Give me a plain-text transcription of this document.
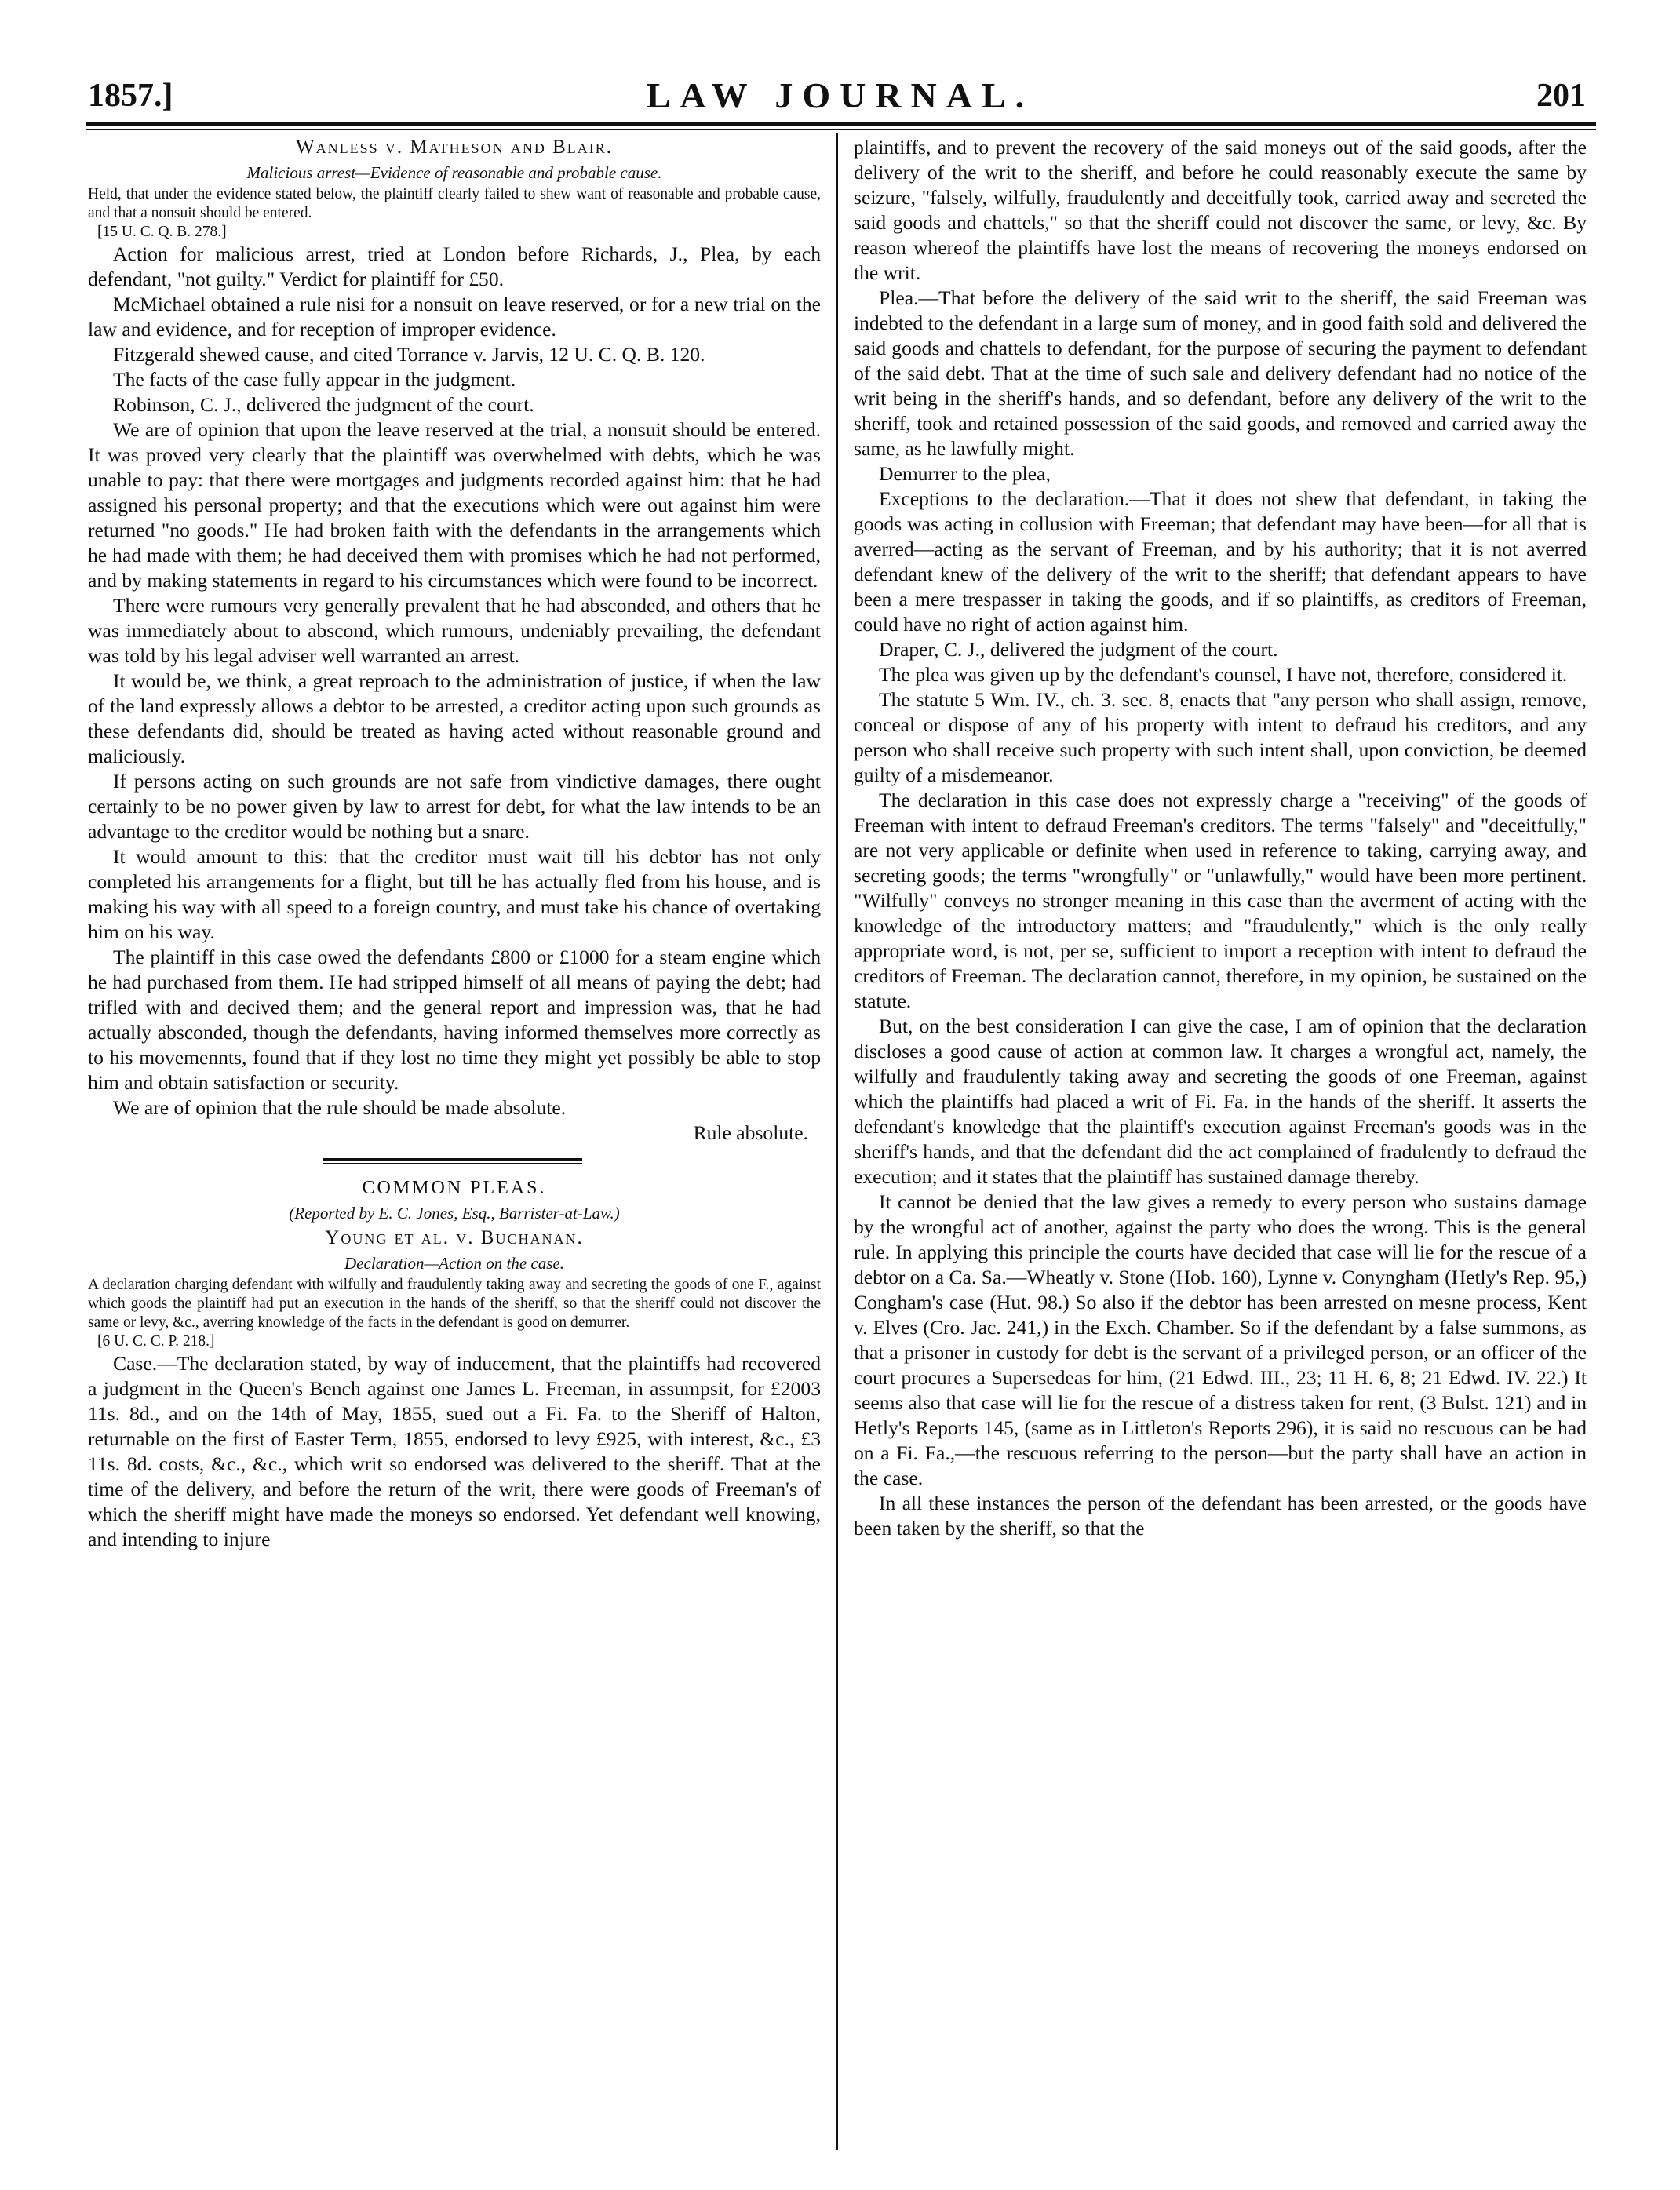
1857.]	LAW JOURNAL.	201

Wanless v. Matheson and Blair.

Malicious arrest—Evidence of reasonable and probable cause.

Held, that under the evidence stated below, the plaintiff clearly failed to shew want of reasonable and probable cause, and that a nonsuit should be entered.

[15 U. C. Q. B. 278.]

Action for malicious arrest, tried at London before Richards, J., Plea, by each defendant, "not guilty." Verdict for plaintiff for £50.

McMichael obtained a rule nisi for a nonsuit on leave reserved, or for a new trial on the law and evidence, and for reception of improper evidence.

Fitzgerald shewed cause, and cited Torrance v. Jarvis, 12 U. C. Q. B. 120.

The facts of the case fully appear in the judgment.

Robinson, C. J., delivered the judgment of the court.

We are of opinion that upon the leave reserved at the trial, a nonsuit should be entered. It was proved very clearly that the plaintiff was overwhelmed with debts, which he was unable to pay: that there were mortgages and judgments recorded against him: that he had assigned his personal property; and that the executions which were out against him were returned "no goods." He had broken faith with the defendants in the arrangements which he had made with them; he had deceived them with promises which he had not performed, and by making statements in regard to his circumstances which were found to be incorrect.

There were rumours very generally prevalent that he had absconded, and others that he was immediately about to abscond, which rumours, undeniably prevailing, the defendant was told by his legal adviser well warranted an arrest.

It would be, we think, a great reproach to the administration of justice, if when the law of the land expressly allows a debtor to be arrested, a creditor acting upon such grounds as these defendants did, should be treated as having acted without reasonable ground and maliciously.

If persons acting on such grounds are not safe from vindictive damages, there ought certainly to be no power given by law to arrest for debt, for what the law intends to be an advantage to the creditor would be nothing but a snare.

It would amount to this: that the creditor must wait till his debtor has not only completed his arrangements for a flight, but till he has actually fled from his house, and is making his way with all speed to a foreign country, and must take his chance of overtaking him on his way.

The plaintiff in this case owed the defendants £800 or £1000 for a steam engine which he had purchased from them. He had stripped himself of all means of paying the debt; had trifled with and decived them; and the general report and impression was, that he had actually absconded, though the defendants, having informed themselves more correctly as to his movemennts, found that if they lost no time they might yet possibly be able to stop him and obtain satisfaction or security.

We are of opinion that the rule should be made absolute.

Rule absolute.

COMMON PLEAS.

(Reported by E. C. Jones, Esq., Barrister-at-Law.)

Young et al. v. Buchanan.

Declaration—Action on the case.

A declaration charging defendant with wilfully and fraudulently taking away and secreting the goods of one F., against which goods the plaintiff had put an execution in the hands of the sheriff, so that the sheriff could not discover the same or levy, &c., averring knowledge of the facts in the defendant is good on demurrer.

[6 U. C. C. P. 218.]

Case.—The declaration stated, by way of inducement, that the plaintiffs had recovered a judgment in the Queen's Bench against one James L. Freeman, in assumpsit, for £2003 11s. 8d., and on the 14th of May, 1855, sued out a Fi. Fa. to the Sheriff of Halton, returnable on the first of Easter Term, 1855, endorsed to levy £925, with interest, &c., £3 11s. 8d. costs, &c., &c., which writ so endorsed was delivered to the sheriff. That at the time of the delivery, and before the return of the writ, there were goods of Freeman's of which the sheriff might have made the moneys so endorsed. Yet defendant well knowing, and intending to injure

plaintiffs, and to prevent the recovery of the said moneys out of the said goods, after the delivery of the writ to the sheriff, and before he could reasonably execute the same by seizure, "falsely, wilfully, fraudulently and deceitfully took, carried away and secreted the said goods and chattels," so that the sheriff could not discover the same, or levy, &c. By reason whereof the plaintiffs have lost the means of recovering the moneys endorsed on the writ.

Plea.—That before the delivery of the said writ to the sheriff, the said Freeman was indebted to the defendant in a large sum of money, and in good faith sold and delivered the said goods and chattels to defendant, for the purpose of securing the payment to defendant of the said debt. That at the time of such sale and delivery defendant had no notice of the writ being in the sheriff's hands, and so defendant, before any delivery of the writ to the sheriff, took and retained possession of the said goods, and removed and carried away the same, as he lawfully might.

Demurrer to the plea,

Exceptions to the declaration.—That it does not shew that defendant, in taking the goods was acting in collusion with Freeman; that defendant may have been—for all that is averred—acting as the servant of Freeman, and by his authority; that it is not averred defendant knew of the delivery of the writ to the sheriff; that defendant appears to have been a mere trespasser in taking the goods, and if so plaintiffs, as creditors of Freeman, could have no right of action against him.

Draper, C. J., delivered the judgment of the court.

The plea was given up by the defendant's counsel, I have not, therefore, considered it.

The statute 5 Wm. IV., ch. 3. sec. 8, enacts that "any person who shall assign, remove, conceal or dispose of any of his property with intent to defraud his creditors, and any person who shall receive such property with such intent shall, upon conviction, be deemed guilty of a misdemeanor.

The declaration in this case does not expressly charge a "receiving" of the goods of Freeman with intent to defraud Freeman's creditors. The terms "falsely" and "deceitfully," are not very applicable or definite when used in reference to taking, carrying away, and secreting goods; the terms "wrongfully" or "unlawfully," would have been more pertinent. "Wilfully" conveys no stronger meaning in this case than the averment of acting with the knowledge of the introductory matters; and "fraudulently," which is the only really appropriate word, is not, per se, sufficient to import a reception with intent to defraud the creditors of Freeman. The declaration cannot, therefore, in my opinion, be sustained on the statute.

But, on the best consideration I can give the case, I am of opinion that the declaration discloses a good cause of action at common law. It charges a wrongful act, namely, the wilfully and fraudulently taking away and secreting the goods of one Freeman, against which the plaintiffs had placed a writ of Fi. Fa. in the hands of the sheriff. It asserts the defendant's knowledge that the plaintiff's execution against Freeman's goods was in the sheriff's hands, and that the defendant did the act complained of fradulently to defraud the execution; and it states that the plaintiff has sustained damage thereby.

It cannot be denied that the law gives a remedy to every person who sustains damage by the wrongful act of another, against the party who does the wrong. This is the general rule. In applying this principle the courts have decided that case will lie for the rescue of a debtor on a Ca. Sa.—Wheatly v. Stone (Hob. 160), Lynne v. Conyngham (Hetly's Rep. 95,) Congham's case (Hut. 98.) So also if the debtor has been arrested on mesne process, Kent v. Elves (Cro. Jac. 241,) in the Exch. Chamber. So if the defendant by a false summons, as that a prisoner in custody for debt is the servant of a privileged person, or an officer of the court procures a Supersedeas for him, (21 Edwd. III., 23; 11 H. 6, 8; 21 Edwd. IV. 22.) It seems also that case will lie for the rescue of a distress taken for rent, (3 Bulst. 121) and in Hetly's Reports 145, (same as in Littleton's Reports 296), it is said no rescuous can be had on a Fi. Fa.,—the rescuous referring to the person—but the party shall have an action in the case.

In all these instances the person of the defendant has been arrested, or the goods have been taken by the sheriff, so that the
